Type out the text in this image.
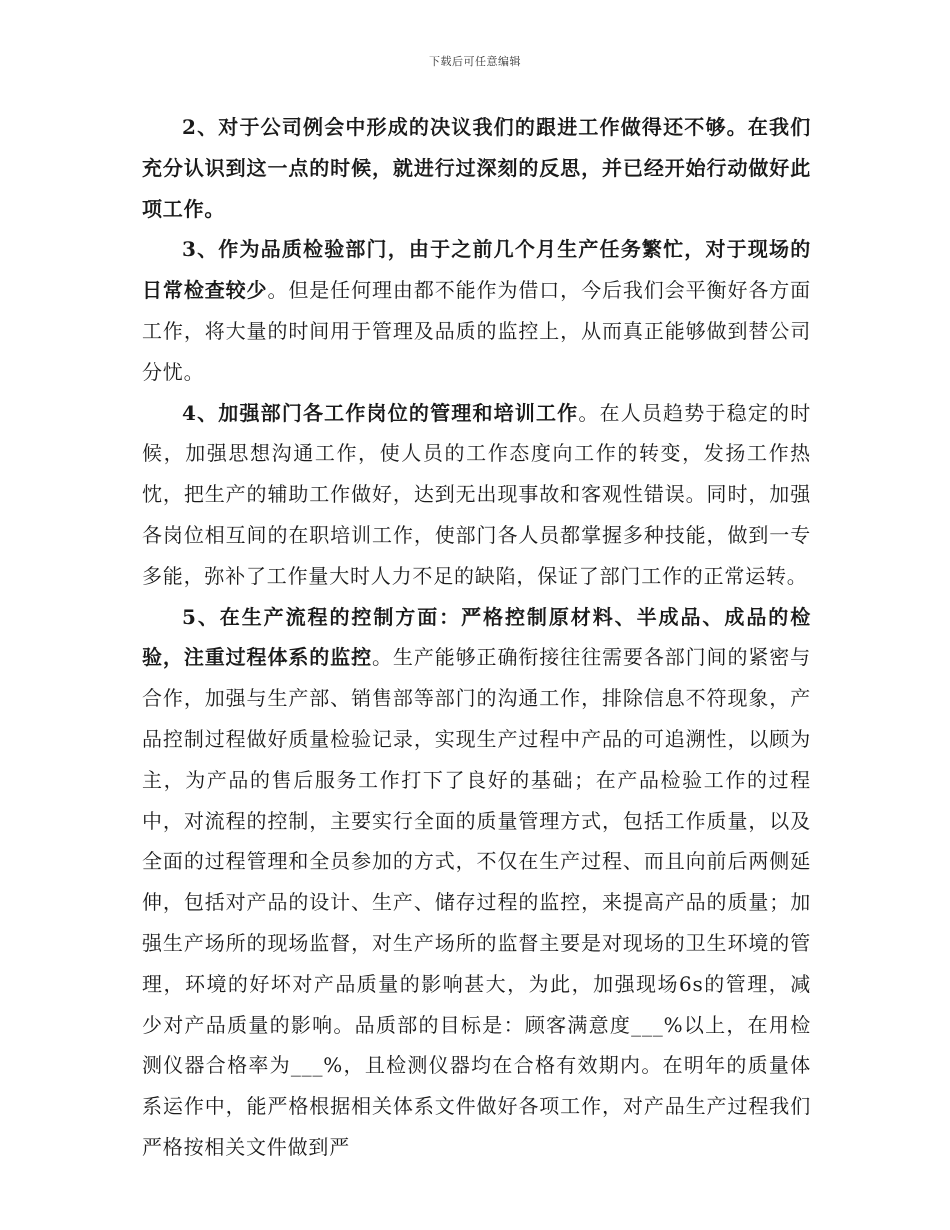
下载后可任意编辑

2、对于公司例会中形成的决议我们的跟进工作做得还不够。在我们充分认识到这一点的时候，就进行过深刻的反思，并已经开始行动做好此项工作。

3、作为品质检验部门，由于之前几个月生产任务繁忙，对于现场的日常检查较少。但是任何理由都不能作为借口，今后我们会平衡好各方面工作，将大量的时间用于管理及品质的监控上，从而真正能够做到替公司分忧。

4、加强部门各工作岗位的管理和培训工作。在人员趋势于稳定的时候，加强思想沟通工作，使人员的工作态度向工作的转变，发扬工作热忱，把生产的辅助工作做好，达到无出现事故和客观性错误。同时，加强各岗位相互间的在职培训工作，使部门各人员都掌握多种技能，做到一专多能，弥补了工作量大时人力不足的缺陷，保证了部门工作的正常运转。

5、在生产流程的控制方面：严格控制原材料、半成品、成品的检验，注重过程体系的监控。生产能够正确衔接往往需要各部门间的紧密与合作，加强与生产部、销售部等部门的沟通工作，排除信息不符现象，产品控制过程做好质量检验记录，实现生产过程中产品的可追溯性，以顾为主，为产品的售后服务工作打下了良好的基础；在产品检验工作的过程中，对流程的控制，主要实行全面的质量管理方式，包括工作质量，以及全面的过程管理和全员参加的方式，不仅在生产过程、而且向前后两侧延伸，包括对产品的设计、生产、储存过程的监控，来提高产品的质量；加强生产场所的现场监督，对生产场所的监督主要是对现场的卫生环境的管理，环境的好坏对产品质量的影响甚大，为此，加强现场6s的管理，减少对产品质量的影响。品质部的目标是：顾客满意度___%以上，在用检测仪器合格率为___%，且检测仪器均在合格有效期内。在明年的质量体系运作中，能严格根据相关体系文件做好各项工作，对产品生产过程我们严格按相关文件做到严
